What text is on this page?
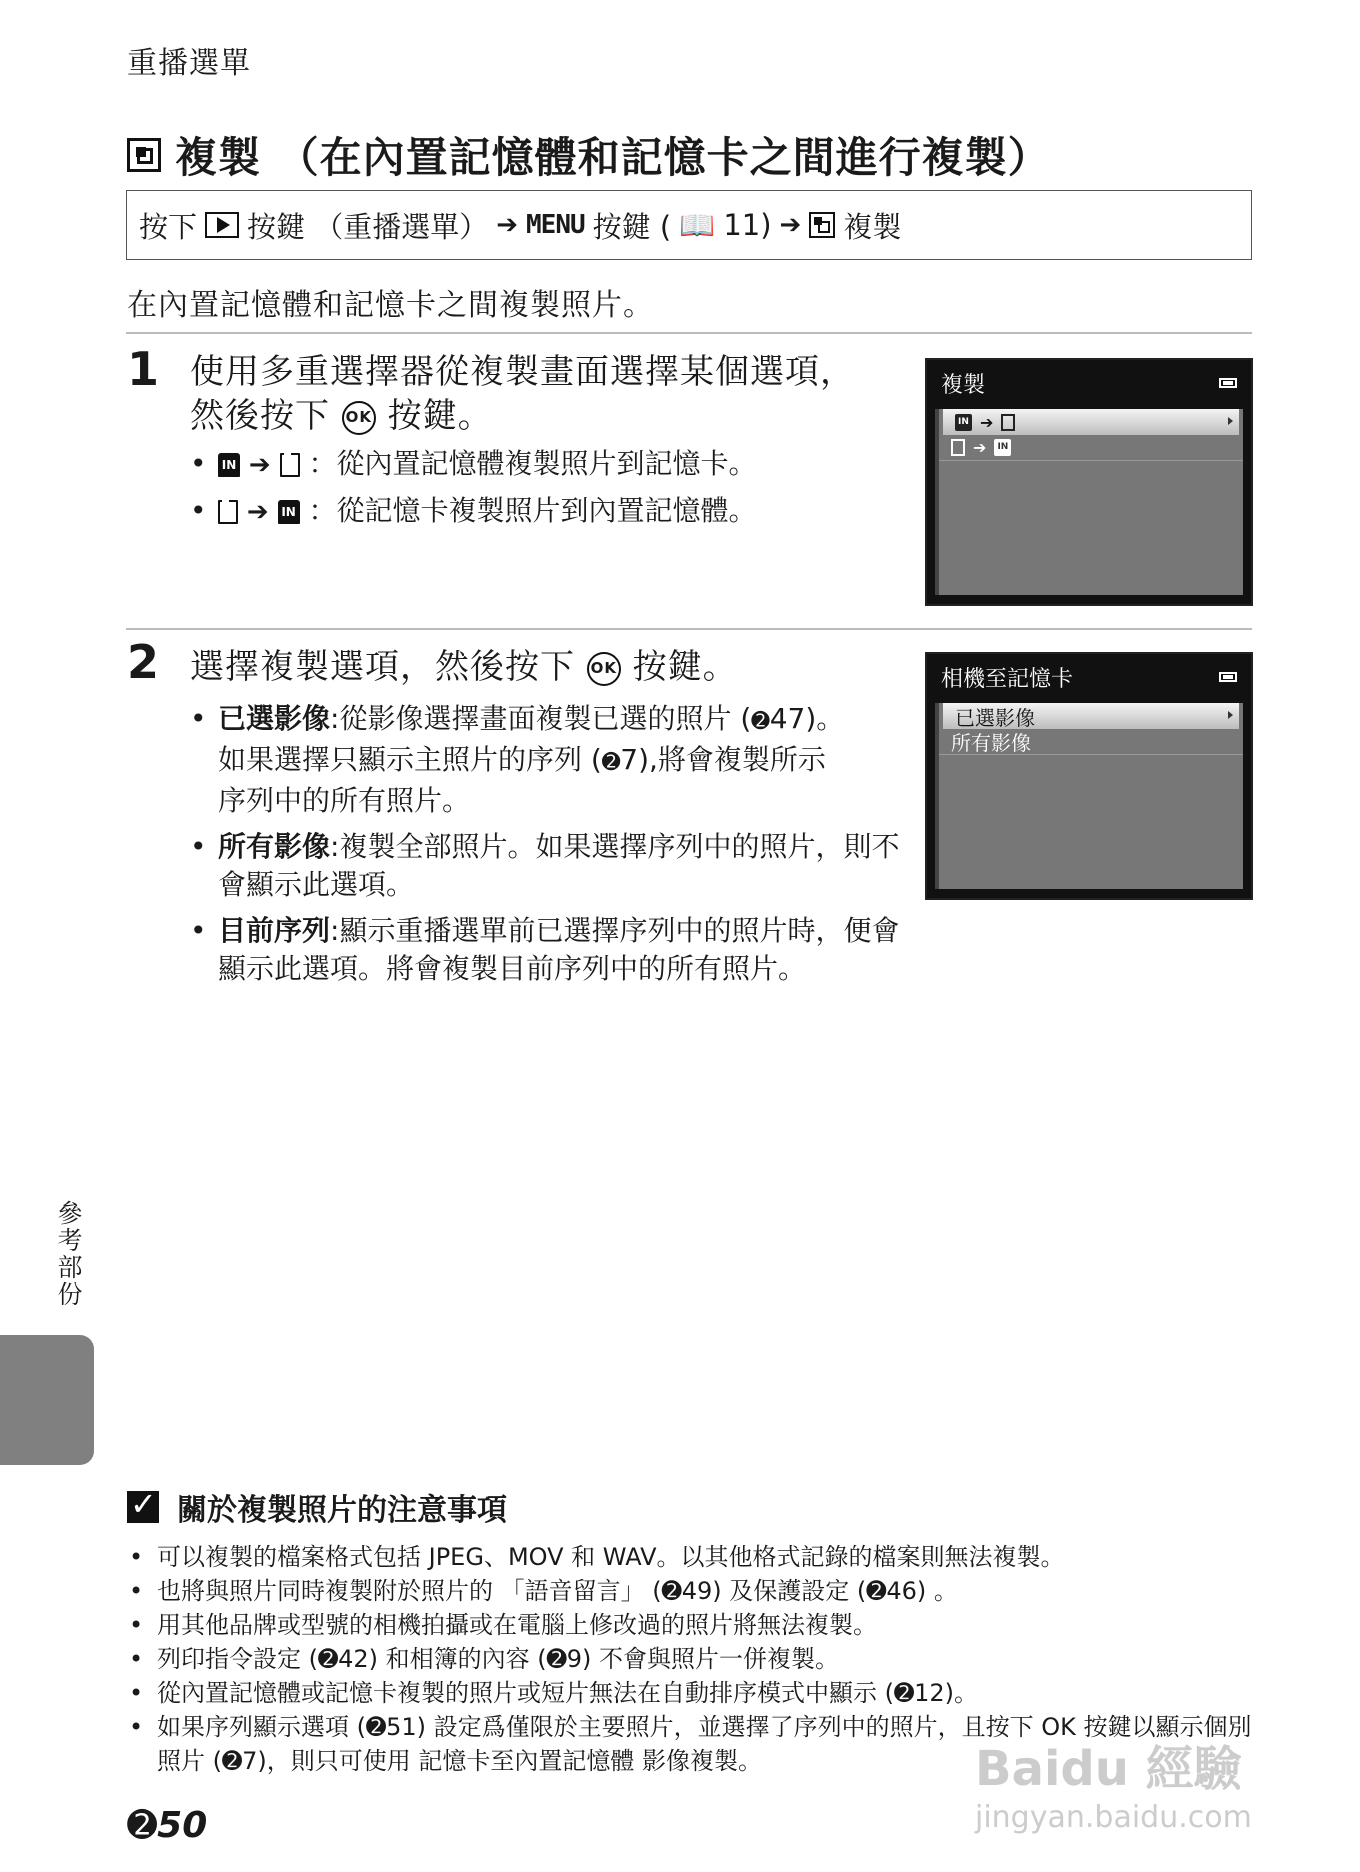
重播選單
複製 （在內置記憶體和記憶卡之間進行複製）
按下 按鍵 （重播選單） ➔ MENU 按鍵 ( 📖 11) ➔ 複製
在內置記憶體和記憶卡之間複製照片。
1 使用多重選擇器從複製畫面選擇某個選項，
然後按下 OK 按鍵。
• IN ➔ ：從內置記憶體複製照片到記憶卡。
• ➔ IN ：從記憶卡複製照片到內置記憶體。
複製
IN ➔
➔	IN
2 選擇複製選項，然後按下 OK 按鍵。
• 已選影像:從影像選擇畫面複製已選的照片 (➋47)。
如果選擇只顯示主照片的序列 (➋7),將會複製所示
序列中的所有照片。
• 所有影像:複製全部照片。如果選擇序列中的照片，則不會顯示此選項。
• 目前序列:顯示重播選單前已選擇序列中的照片時，便會顯示此選項。將會複製目前序列中的所有照片。
相機至記憶卡
已選影像
所有影像
參考部份
✓
關於複製照片的注意事項
• 可以複製的檔案格式包括 JPEG、MOV 和 WAV。以其他格式記錄的檔案則無法複製。
• 也將與照片同時複製附於照片的 「語音留言」 (➋49) 及保護設定 (➋46) 。
• 用其他品牌或型號的相機拍攝或在電腦上修改過的照片將無法複製。
• 列印指令設定 (➋42) 和相簿的內容 (➋9) 不會與照片一併複製。
• 從內置記憶體或記憶卡複製的照片或短片無法在自動排序模式中顯示 (➋12)。
• 如果序列顯示選項 (➋51) 設定爲僅限於主要照片，並選擇了序列中的照片，且按下 OK 按鍵以顯示個別照片 (➋7)，則只可使用 記憶卡至內置記憶體 影像複製。
➋50
Baidu 經驗
jingyan.baidu.com
